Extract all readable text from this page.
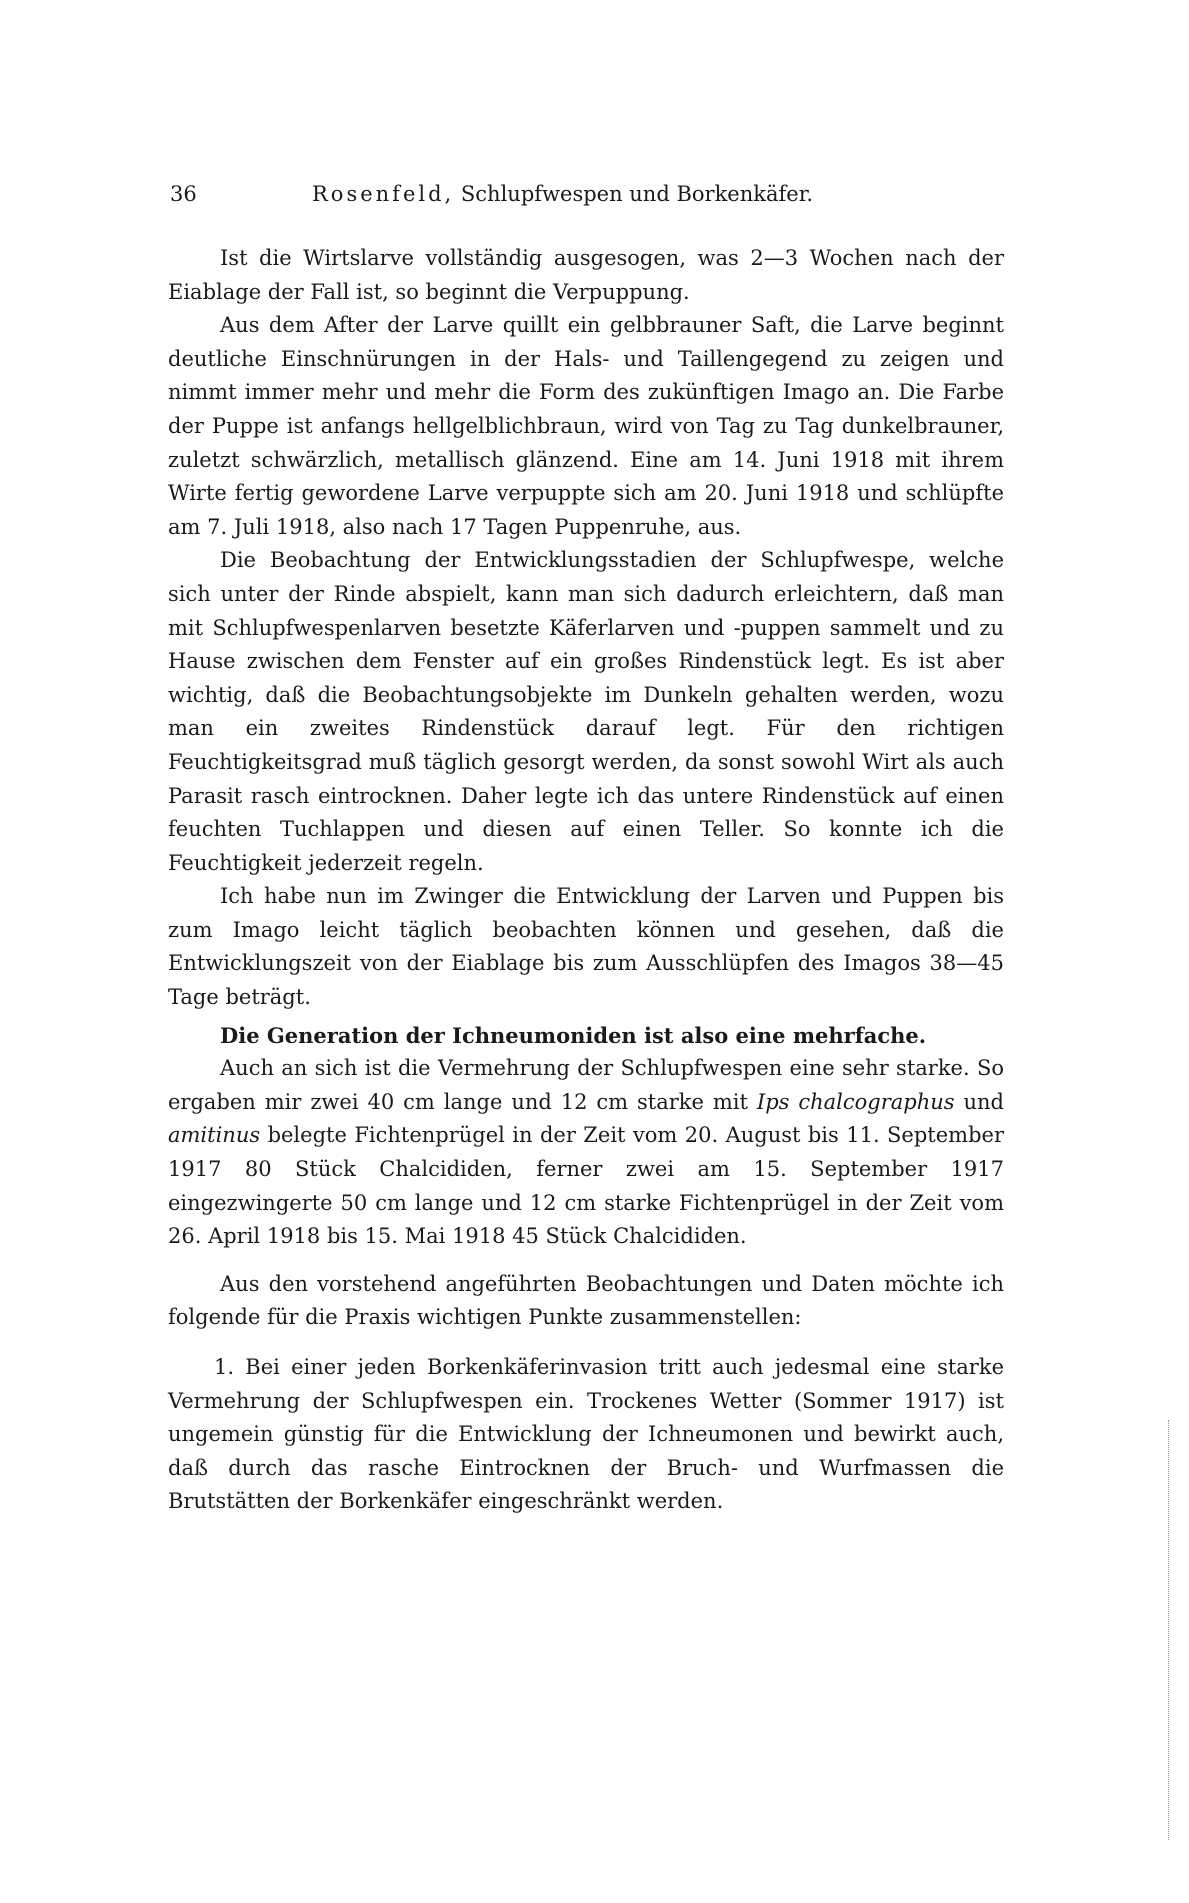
36	Rosenfeld, Schlupfwespen und Borkenkäfer.

Ist die Wirtslarve vollständig ausgesogen, was 2—3 Wochen nach der Eiablage der Fall ist, so beginnt die Verpuppung.

Aus dem After der Larve quillt ein gelbbrauner Saft, die Larve beginnt deutliche Einschnürungen in der Hals- und Taillengegend zu zeigen und nimmt immer mehr und mehr die Form des zukünftigen Imago an. Die Farbe der Puppe ist anfangs hellgelblichbraun, wird von Tag zu Tag dunkelbrauner, zuletzt schwärzlich, metallisch glänzend. Eine am 14. Juni 1918 mit ihrem Wirte fertig gewordene Larve verpuppte sich am 20. Juni 1918 und schlüpfte am 7. Juli 1918, also nach 17 Tagen Puppenruhe, aus.

Die Beobachtung der Entwicklungsstadien der Schlupfwespe, welche sich unter der Rinde abspielt, kann man sich dadurch erleichtern, daß man mit Schlupfwespenlarven besetzte Käferlarven und -puppen sammelt und zu Hause zwischen dem Fenster auf ein großes Rindenstück legt. Es ist aber wichtig, daß die Beobachtungsobjekte im Dunkeln gehalten werden, wozu man ein zweites Rindenstück darauf legt. Für den richtigen Feuchtigkeitsgrad muß täglich gesorgt werden, da sonst sowohl Wirt als auch Parasit rasch eintrocknen. Daher legte ich das untere Rindenstück auf einen feuchten Tuchlappen und diesen auf einen Teller. So konnte ich die Feuchtigkeit jederzeit regeln.

Ich habe nun im Zwinger die Entwicklung der Larven und Puppen bis zum Imago leicht täglich beobachten können und gesehen, daß die Entwicklungszeit von der Eiablage bis zum Ausschlüpfen des Imagos 38—45 Tage beträgt.

Die Generation der Ichneumoniden ist also eine mehrfache.

Auch an sich ist die Vermehrung der Schlupfwespen eine sehr starke. So ergaben mir zwei 40 cm lange und 12 cm starke mit Ips chalcographus und amitinus belegte Fichtenprügel in der Zeit vom 20. August bis 11. September 1917 80 Stück Chalcididen, ferner zwei am 15. September 1917 eingezwingerte 50 cm lange und 12 cm starke Fichtenprügel in der Zeit vom 26. April 1918 bis 15. Mai 1918 45 Stück Chalcididen.

Aus den vorstehend angeführten Beobachtungen und Daten möchte ich folgende für die Praxis wichtigen Punkte zusammenstellen:

1. Bei einer jeden Borkenkäferinvasion tritt auch jedesmal eine starke Vermehrung der Schlupfwespen ein. Trockenes Wetter (Sommer 1917) ist ungemein günstig für die Entwicklung der Ichneumonen und bewirkt auch, daß durch das rasche Eintrocknen der Bruch- und Wurfmassen die Brutstätten der Borkenkäfer eingeschränkt werden.
